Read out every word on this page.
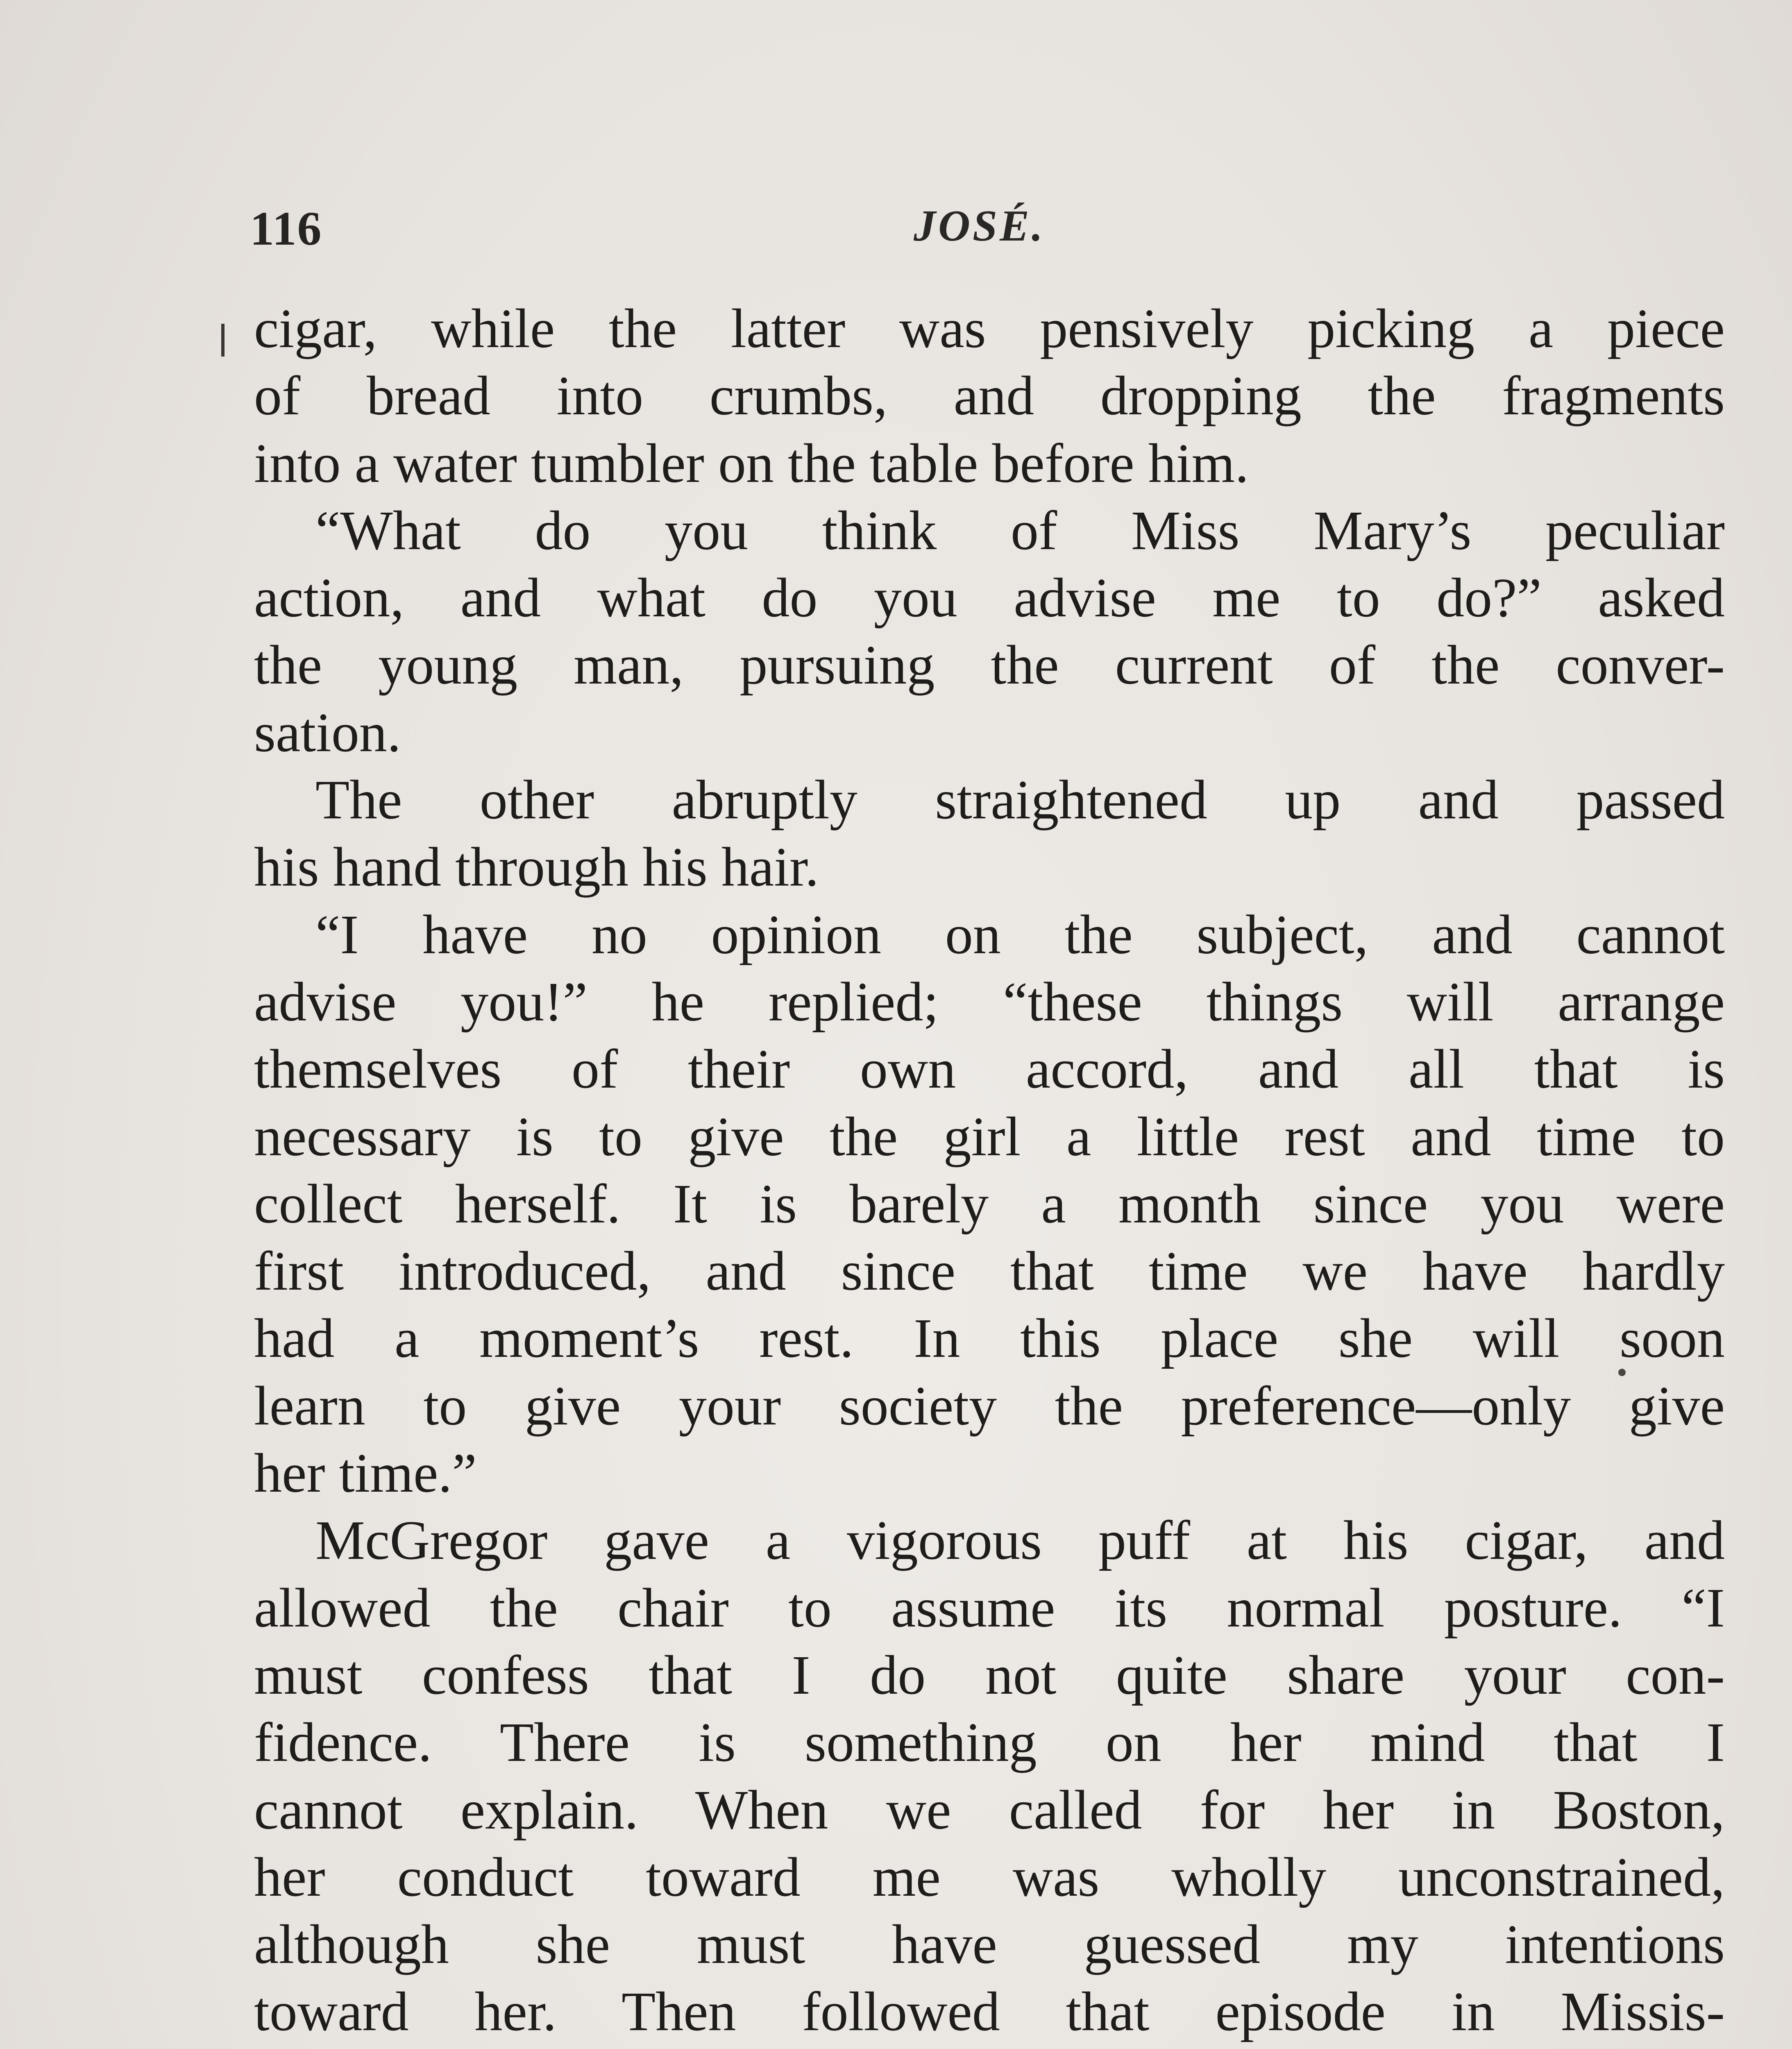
116	JOSÉ.
cigar, while the latter was pensively picking a piece
of bread into crumbs, and dropping the fragments
into a water tumbler on the table before him.
“What do you think of Miss Mary’s peculiar
action, and what do you advise me to do?” asked
the young man, pursuing the current of the conver-
sation.
The other abruptly straightened up and passed
his hand through his hair.
“I have no opinion on the subject, and cannot
advise you!” he replied; “these things will arrange
themselves of their own accord, and all that is
necessary is to give the girl a little rest and time to
collect herself. It is barely a month since you were
first introduced, and since that time we have hardly
had a moment’s rest. In this place she will soon
learn to give your society the preference—only give
her time.”
McGregor gave a vigorous puff at his cigar, and
allowed the chair to assume its normal posture. “I
must confess that I do not quite share your con-
fidence. There is something on her mind that I
cannot explain. When we called for her in Boston,
her conduct toward me was wholly unconstrained,
although she must have guessed my intentions
toward her. Then followed that episode in Missis-
